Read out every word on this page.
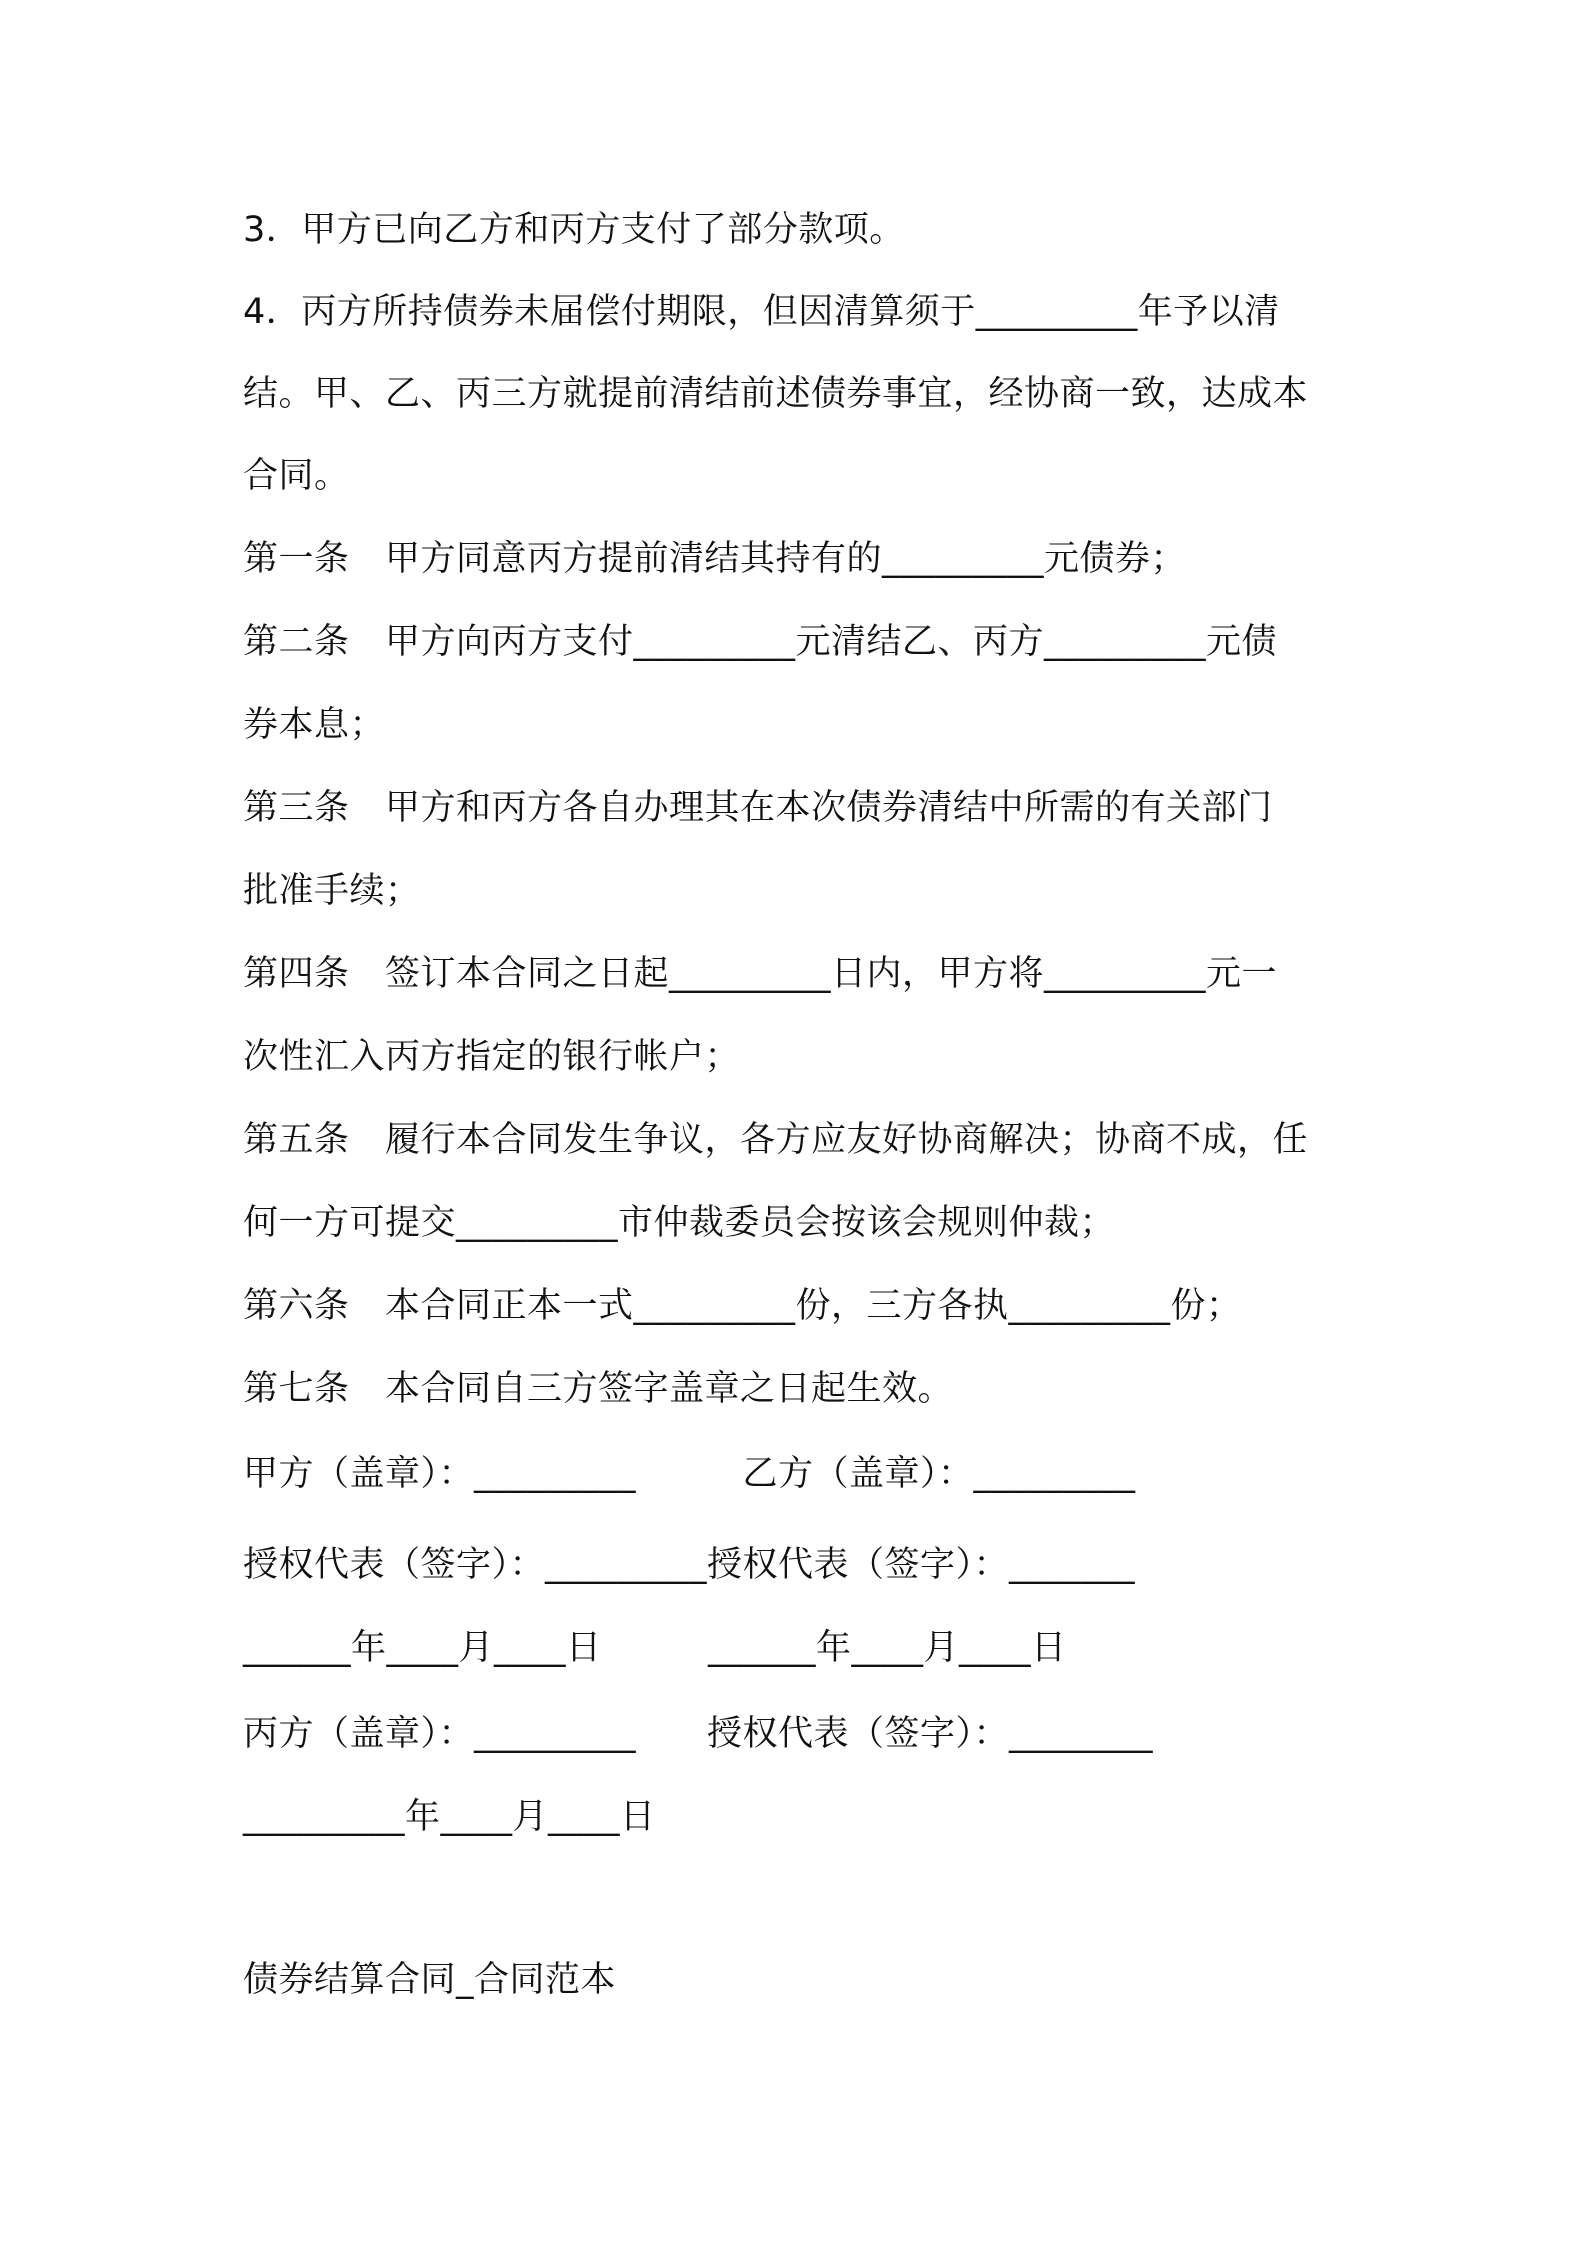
3．甲方已向乙方和丙方支付了部分款项。
4．丙方所持债券未届偿付期限，但因清算须于_________年予以清
结。甲、乙、丙三方就提前清结前述债券事宜，经协商一致，达成本
合同。
第一条　甲方同意丙方提前清结其持有的_________元债券；
第二条　甲方向丙方支付_________元清结乙、丙方_________元债
券本息；
第三条　甲方和丙方各自办理其在本次债券清结中所需的有关部门
批准手续；
第四条　签订本合同之日起_________日内，甲方将_________元一
次性汇入丙方指定的银行帐户；
第五条　履行本合同发生争议，各方应友好协商解决；协商不成，任
何一方可提交_________市仲裁委员会按该会规则仲裁；
第六条　本合同正本一式_________份，三方各执_________份；
第七条　本合同自三方签字盖章之日起生效。
甲方（盖章）：_________　　　乙方（盖章）：_________
授权代表（签字）：_________授权代表（签字）：_______
______年____月____日　　　______年____月____日
丙方（盖章）：_________　　授权代表（签字）：________
_________年____月____日
债券结算合同_合同范本
